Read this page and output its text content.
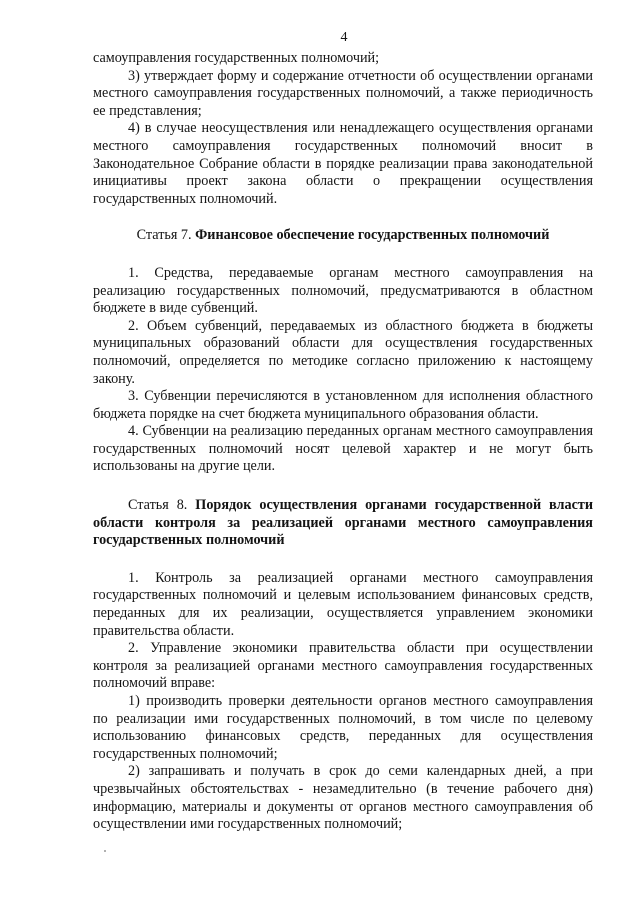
4

самоуправления государственных полномочий;

3) утверждает форму и содержание отчетности об осуществлении органами местного самоуправления государственных полномочий, а также периодичность ее представления;

4) в случае неосуществления или ненадлежащего осуществления органами местного самоуправления государственных полномочий вносит в Законодательное Собрание области в порядке реализации права законодательной инициативы проект закона области о прекращении осуществления государственных полномочий.

Статья 7. Финансовое обеспечение государственных полномочий

1. Средства, передаваемые органам местного самоуправления на реализацию государственных полномочий, предусматриваются в областном бюджете в виде субвенций.

2. Объем субвенций, передаваемых из областного бюджета в бюджеты муниципальных образований области для осуществления государственных полномочий, определяется по методике согласно приложению к настоящему закону.

3. Субвенции перечисляются в установленном для исполнения областного бюджета порядке на счет бюджета муниципального образования области.

4. Субвенции на реализацию переданных органам местного самоуправления государственных полномочий носят целевой характер и не могут быть использованы на другие цели.

Статья 8. Порядок осуществления органами государственной власти области контроля за реализацией органами местного самоуправления государственных полномочий

1. Контроль за реализацией органами местного самоуправления государственных полномочий и целевым использованием финансовых средств, переданных для их реализации, осуществляется управлением экономики правительства области.

2. Управление экономики правительства области при осуществлении контроля за реализацией органами местного самоуправления государственных полномочий вправе:

1) производить проверки деятельности органов местного самоуправления по реализации ими государственных полномочий, в том числе по целевому использованию финансовых средств, переданных для осуществления государственных полномочий;

2) запрашивать и получать в срок до семи календарных дней, а при чрезвычайных обстоятельствах - незамедлительно (в течение рабочего дня) информацию, материалы и документы от органов местного самоуправления об осуществлении ими государственных полномочий;
